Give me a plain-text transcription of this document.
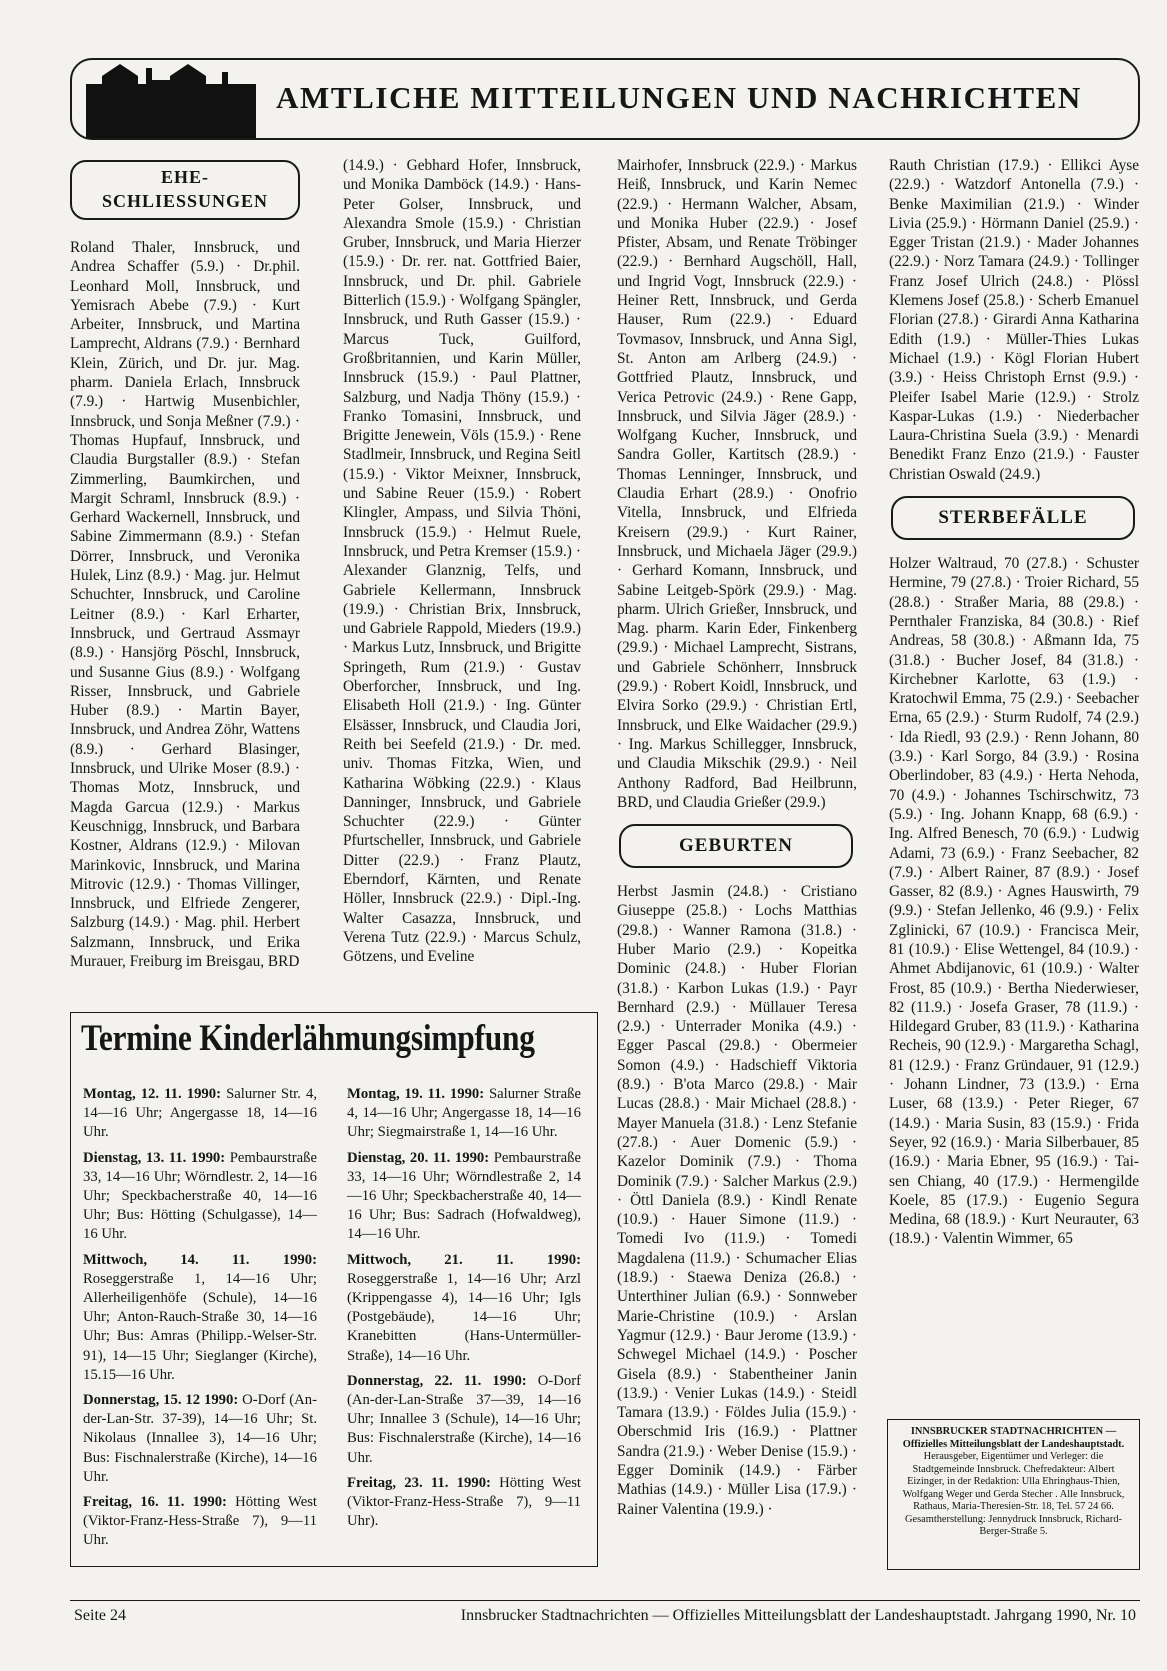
AMTLICHE MITTEILUNGEN UND NACHRICHTEN
EHE-
SCHLIESSUNGEN

Roland Thaler, Innsbruck, und Andrea Schaffer (5.9.) · Dr.phil. Leonhard Moll, Innsbruck, und Yemisrach Abebe (7.9.) · Kurt Arbeiter, Innsbruck, und Martina Lamprecht, Aldrans (7.9.) · Bernhard Klein, Zürich, und Dr. jur. Mag. pharm. Daniela Erlach, Innsbruck (7.9.) · Hartwig Musenbichler, Innsbruck, und Sonja Meßner (7.9.) · Thomas Hupfauf, Innsbruck, und Claudia Burgstaller (8.9.) · Stefan Zimmerling, Baumkirchen, und Margit Schraml, Innsbruck (8.9.) · Gerhard Wackernell, Innsbruck, und Sabine Zimmermann (8.9.) · Stefan Dörrer, Innsbruck, und Veronika Hulek, Linz (8.9.) · Mag. jur. Helmut Schuchter, Innsbruck, und Caroline Leitner (8.9.) · Karl Erharter, Innsbruck, und Gertraud Assmayr (8.9.) · Hansjörg Pöschl, Innsbruck, und Susanne Gius (8.9.) · Wolfgang Risser, Innsbruck, und Gabriele Huber (8.9.) · Martin Bayer, Innsbruck, und Andrea Zöhr, Wattens (8.9.) · Gerhard Blasinger, Innsbruck, und Ulrike Moser (8.9.) · Thomas Motz, Innsbruck, und Magda Garcua (12.9.) · Markus Keuschnigg, Innsbruck, und Barbara Kostner, Aldrans (12.9.) · Milovan Marinkovic, Innsbruck, und Marina Mitrovic (12.9.) · Thomas Villinger, Innsbruck, und Elfriede Zengerer, Salzburg (14.9.) · Mag. phil. Herbert Salzmann, Innsbruck, und Erika Murauer, Freiburg im Breisgau, BRD

(14.9.) · Gebhard Hofer, Innsbruck, und Monika Damböck (14.9.) · Hans-Peter Golser, Innsbruck, und Alexandra Smole (15.9.) · Christian Gruber, Innsbruck, und Maria Hierzer (15.9.) · Dr. rer. nat. Gottfried Baier, Innsbruck, und Dr. phil. Gabriele Bitterlich (15.9.) · Wolfgang Spängler, Innsbruck, und Ruth Gasser (15.9.) · Marcus Tuck, Guilford, Großbritannien, und Karin Müller, Innsbruck (15.9.) · Paul Plattner, Salzburg, und Nadja Thöny (15.9.) · Franko Tomasini, Innsbruck, und Brigitte Jenewein, Völs (15.9.) · Rene Stadlmeir, Innsbruck, und Regina Seitl (15.9.) · Viktor Meixner, Innsbruck, und Sabine Reuer (15.9.) · Robert Klingler, Ampass, und Silvia Thöni, Innsbruck (15.9.) · Helmut Ruele, Innsbruck, und Petra Kremser (15.9.) · Alexander Glanznig, Telfs, und Gabriele Kellermann, Innsbruck (19.9.) · Christian Brix, Innsbruck, und Gabriele Rappold, Mieders (19.9.) · Markus Lutz, Innsbruck, und Brigitte Springeth, Rum (21.9.) · Gustav Oberforcher, Innsbruck, und Ing. Elisabeth Holl (21.9.) · Ing. Günter Elsässer, Innsbruck, und Claudia Jori, Reith bei Seefeld (21.9.) · Dr. med. univ. Thomas Fitzka, Wien, und Katharina Wöbking (22.9.) · Klaus Danninger, Innsbruck, und Gabriele Schuchter (22.9.) · Günter Pfurtscheller, Innsbruck, und Gabriele Ditter (22.9.) · Franz Plautz, Eberndorf, Kärnten, und Renate Höller, Innsbruck (22.9.) · Dipl.-Ing. Walter Casazza, Innsbruck, und Verena Tutz (22.9.) · Marcus Schulz, Götzens, und Eveline

Mairhofer, Innsbruck (22.9.) · Markus Heiß, Innsbruck, und Karin Nemec (22.9.) · Hermann Walcher, Absam, und Monika Huber (22.9.) · Josef Pfister, Absam, und Renate Tröbinger (22.9.) · Bernhard Augschöll, Hall, und Ingrid Vogt, Innsbruck (22.9.) · Heiner Rett, Innsbruck, und Gerda Hauser, Rum (22.9.) · Eduard Tovmasov, Innsbruck, und Anna Sigl, St. Anton am Arlberg (24.9.) · Gottfried Plautz, Innsbruck, und Verica Petrovic (24.9.) · Rene Gapp, Innsbruck, und Silvia Jäger (28.9.) · Wolfgang Kucher, Innsbruck, und Sandra Goller, Kartitsch (28.9.) · Thomas Lenninger, Innsbruck, und Claudia Erhart (28.9.) · Onofrio Vitella, Innsbruck, und Elfrieda Kreisern (29.9.) · Kurt Rainer, Innsbruck, und Michaela Jäger (29.9.) · Gerhard Komann, Innsbruck, und Sabine Leitgeb-Spörk (29.9.) · Mag. pharm. Ulrich Grießer, Innsbruck, und Mag. pharm. Karin Eder, Finkenberg (29.9.) · Michael Lamprecht, Sistrans, und Gabriele Schönherr, Innsbruck (29.9.) · Robert Koidl, Innsbruck, und Elvira Sorko (29.9.) · Christian Ertl, Innsbruck, und Elke Waidacher (29.9.) · Ing. Markus Schillegger, Innsbruck, und Claudia Mikschik (29.9.) · Neil Anthony Radford, Bad Heilbrunn, BRD, und Claudia Grießer (29.9.)

GEBURTEN

Herbst Jasmin (24.8.) · Cristiano Giuseppe (25.8.) · Lochs Matthias (29.8.) · Wanner Ramona (31.8.) · Huber Mario (2.9.) · Kopeitka Dominic (24.8.) · Huber Florian (31.8.) · Karbon Lukas (1.9.) · Payr Bernhard (2.9.) · Müllauer Teresa (2.9.) · Unterrader Monika (4.9.) · Egger Pascal (29.8.) · Obermeier Somon (4.9.) · Hadschieff Viktoria (8.9.) · B'ota Marco (29.8.) · Mair Lucas (28.8.) · Mair Michael (28.8.) · Mayer Manuela (31.8.) · Lenz Stefanie (27.8.) · Auer Domenic (5.9.) · Kazelor Dominik (7.9.) · Thoma Dominik (7.9.) · Salcher Markus (2.9.) · Öttl Daniela (8.9.) · Kindl Renate (10.9.) · Hauer Simone (11.9.) · Tomedi Ivo (11.9.) · Tomedi Magdalena (11.9.) · Schumacher Elias (18.9.) · Staewa Deniza (26.8.) · Unterthiner Julian (6.9.) · Sonnweber Marie-Christine (10.9.) · Arslan Yagmur (12.9.) · Baur Jerome (13.9.) · Schwegel Michael (14.9.) · Poscher Gisela (8.9.) · Stabentheiner Janin (13.9.) · Venier Lukas (14.9.) · Steidl Tamara (13.9.) · Földes Julia (15.9.) · Oberschmid Iris (16.9.) · Plattner Sandra (21.9.) · Weber Denise (15.9.) · Egger Dominik (14.9.) · Färber Mathias (14.9.) · Müller Lisa (17.9.) · Rainer Valentina (19.9.) ·

Rauth Christian (17.9.) · Ellikci Ayse (22.9.) · Watzdorf Antonella (7.9.) · Benke Maximilian (21.9.) · Winder Livia (25.9.) · Hörmann Daniel (25.9.) · Egger Tristan (21.9.) · Mader Johannes (22.9.) · Norz Tamara (24.9.) · Tollinger Franz Josef Ulrich (24.8.) · Plössl Klemens Josef (25.8.) · Scherb Emanuel Florian (27.8.) · Girardi Anna Katharina Edith (1.9.) · Müller-Thies Lukas Michael (1.9.) · Kögl Florian Hubert (3.9.) · Heiss Christoph Ernst (9.9.) · Pleifer Isabel Marie (12.9.) · Strolz Kaspar-Lukas (1.9.) · Niederbacher Laura-Christina Suela (3.9.) · Menardi Benedikt Franz Enzo (21.9.) · Fauster Christian Oswald (24.9.)

STERBEFÄLLE

Holzer Waltraud, 70 (27.8.) · Schuster Hermine, 79 (27.8.) · Troier Richard, 55 (28.8.) · Straßer Maria, 88 (29.8.) · Pernthaler Franziska, 84 (30.8.) · Rief Andreas, 58 (30.8.) · Aßmann Ida, 75 (31.8.) · Bucher Josef, 84 (31.8.) · Kirchebner Karlotte, 63 (1.9.) · Kratochwil Emma, 75 (2.9.) · Seebacher Erna, 65 (2.9.) · Sturm Rudolf, 74 (2.9.) · Ida Riedl, 93 (2.9.) · Renn Johann, 80 (3.9.) · Karl Sorgo, 84 (3.9.) · Rosina Oberlindober, 83 (4.9.) · Herta Nehoda, 70 (4.9.) · Johannes Tschirschwitz, 73 (5.9.) · Ing. Johann Knapp, 68 (6.9.) · Ing. Alfred Benesch, 70 (6.9.) · Ludwig Adami, 73 (6.9.) · Franz Seebacher, 82 (7.9.) · Albert Rainer, 87 (8.9.) · Josef Gasser, 82 (8.9.) · Agnes Hauswirth, 79 (9.9.) · Stefan Jellenko, 46 (9.9.) · Felix Zglinicki, 67 (10.9.) · Francisca Meir, 81 (10.9.) · Elise Wettengel, 84 (10.9.) · Ahmet Abdijanovic, 61 (10.9.) · Walter Frost, 85 (10.9.) · Bertha Niederwieser, 82 (11.9.) · Josefa Graser, 78 (11.9.) · Hildegard Gruber, 83 (11.9.) · Katharina Recheis, 90 (12.9.) · Margaretha Schagl, 81 (12.9.) · Franz Gründauer, 91 (12.9.) · Johann Lindner, 73 (13.9.) · Erna Luser, 68 (13.9.) · Peter Rieger, 67 (14.9.) · Maria Susin, 83 (15.9.) · Frida Seyer, 92 (16.9.) · Maria Silberbauer, 85 (16.9.) · Maria Ebner, 95 (16.9.) · Tai-sen Chiang, 40 (17.9.) · Hermengilde Koele, 85 (17.9.) · Eugenio Segura Medina, 68 (18.9.) · Kurt Neurauter, 63 (18.9.) · Valentin Wimmer, 65

Termine Kinderlähmungsimpfung

Montag, 12. 11. 1990: Salurner Str. 4, 14—16 Uhr; Angergasse 18, 14—16 Uhr.

Dienstag, 13. 11. 1990: Pembaurstraße 33, 14—16 Uhr; Wörndlestr. 2, 14—16 Uhr; Speckbacherstraße 40, 14—16 Uhr; Bus: Hötting (Schulgasse), 14—16 Uhr.

Mittwoch, 14. 11. 1990: Roseggerstraße 1, 14—16 Uhr; Allerheiligenhöfe (Schule), 14—16 Uhr; Anton-Rauch-Straße 30, 14—16 Uhr; Bus: Amras (Philipp.-Welser-Str. 91), 14—15 Uhr; Sieglanger (Kirche), 15.15—16 Uhr.

Donnerstag, 15. 12 1990: O-Dorf (An-der-Lan-Str. 37-39), 14—16 Uhr; St. Nikolaus (Innallee 3), 14—16 Uhr; Bus: Fischnalerstraße (Kirche), 14—16 Uhr.

Freitag, 16. 11. 1990: Hötting West (Viktor-Franz-Hess-Straße 7), 9—11 Uhr.

Montag, 19. 11. 1990: Salurner Straße 4, 14—16 Uhr; Angergasse 18, 14—16 Uhr; Siegmairstraße 1, 14—16 Uhr.

Dienstag, 20. 11. 1990: Pembaurstraße 33, 14—16 Uhr; Wörndlestraße 2, 14—16 Uhr; Speckbacherstraße 40, 14—16 Uhr; Bus: Sadrach (Hofwaldweg), 14—16 Uhr.

Mittwoch, 21. 11. 1990: Roseggerstraße 1, 14—16 Uhr; Arzl (Krippengasse 4), 14—16 Uhr; Igls (Postgebäude), 14—16 Uhr; Kranebitten (Hans-Untermüller-Straße), 14—16 Uhr.

Donnerstag, 22. 11. 1990: O-Dorf (An-der-Lan-Straße 37—39, 14—16 Uhr; Innallee 3 (Schule), 14—16 Uhr; Bus: Fischnalerstraße (Kirche), 14—16 Uhr.

Freitag, 23. 11. 1990: Hötting West (Viktor-Franz-Hess-Straße 7), 9—11 Uhr).

INNSBRUCKER STADTNACHRICHTEN — Offizielles Mitteilungsblatt der Landeshauptstadt. Herausgeber, Eigentümer und Verleger: die Stadtgemeinde Innsbruck. Chefredakteur: Albert Eizinger, in der Redaktion: Ulla Ehringhaus-Thien, Wolfgang Weger und Gerda Stecher . Alle Innsbruck, Rathaus, Maria-Theresien-Str. 18, Tel. 57 24 66. Gesamtherstellung: Jennydruck Innsbruck, Richard-Berger-Straße 5.
Seite 24	Innsbrucker Stadtnachrichten — Offizielles Mitteilungsblatt der Landeshauptstadt. Jahrgang 1990, Nr. 10
